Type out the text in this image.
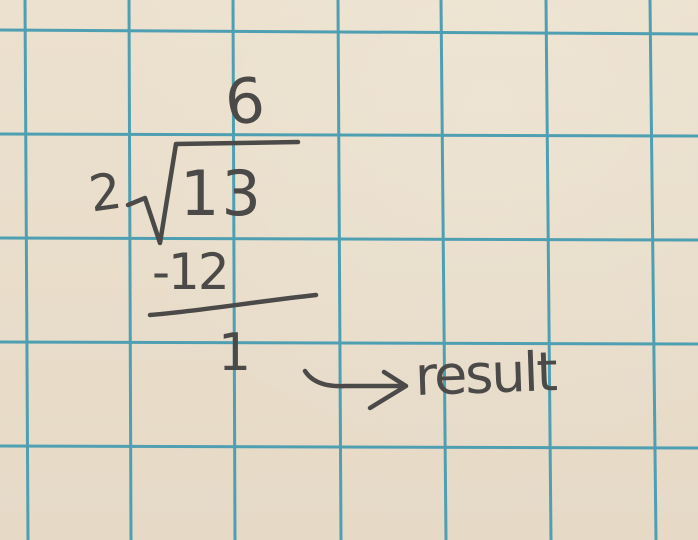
6
2 13
-12
1	result
